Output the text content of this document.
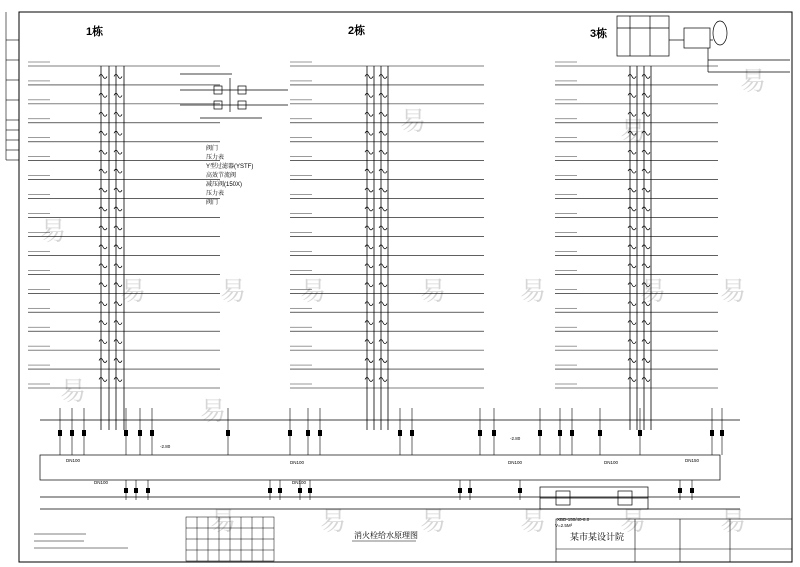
易
易
易	易	易	易 易
易
易	易
易
易	易	易	易	易	易
易	易
1栋	2栋	3栋
阀门
压力表
Y型过滤器(YSTF)
高效节流阀
减压阀(150X)
压力表
阀门
DN100	DN100	DN100	DN100	DN150
DN100	DN100
-2.80
-2.80
XBD-150/40-8.0
V=2.5M³
消火栓给水原理图	某市某设计院
